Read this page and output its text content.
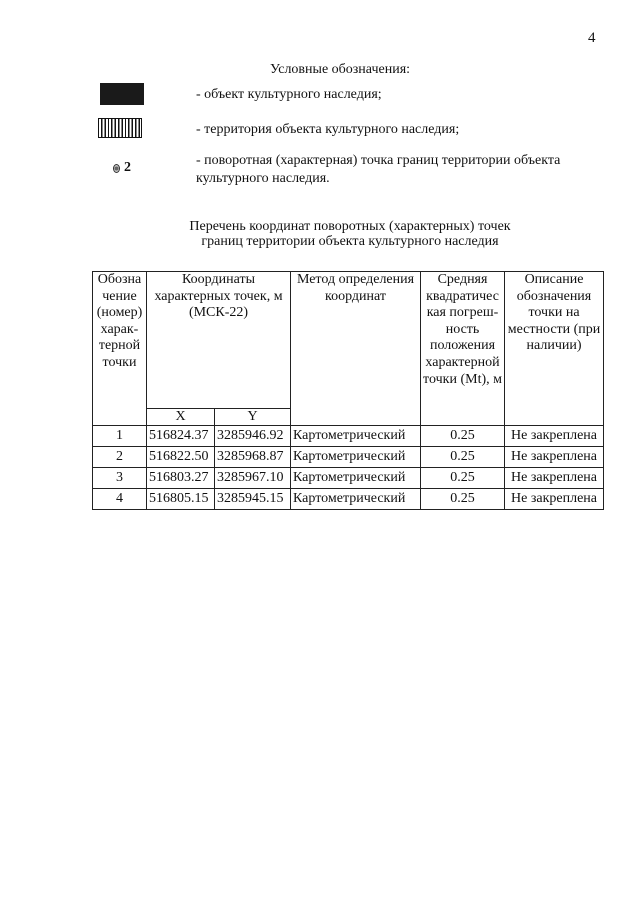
4
Условные обозначения:
- объект культурного наследия;
- территория объекта культурного наследия;
2	- поворотная (характерная) точка границ территории объекта культурного наследия.
Перечень координат поворотных (характерных) точек
границ территории объекта культурного наследия
Обозна чение (номер) харак- терной точки	Координаты характерных точек, м (МСК-22)		Метод определения координат	Средняя квадратичес кая погреш- ность положения характерной точки (Mt), м	Описание обозначения точки на местности (при наличии)
	X	Y			
1	516824.37	3285946.92	Картометрический	0.25	Не закреплена
2	516822.50	3285968.87	Картометрический	0.25	Не закреплена
3	516803.27	3285967.10	Картометрический	0.25	Не закреплена
4	516805.15	3285945.15	Картометрический	0.25	Не закреплена
